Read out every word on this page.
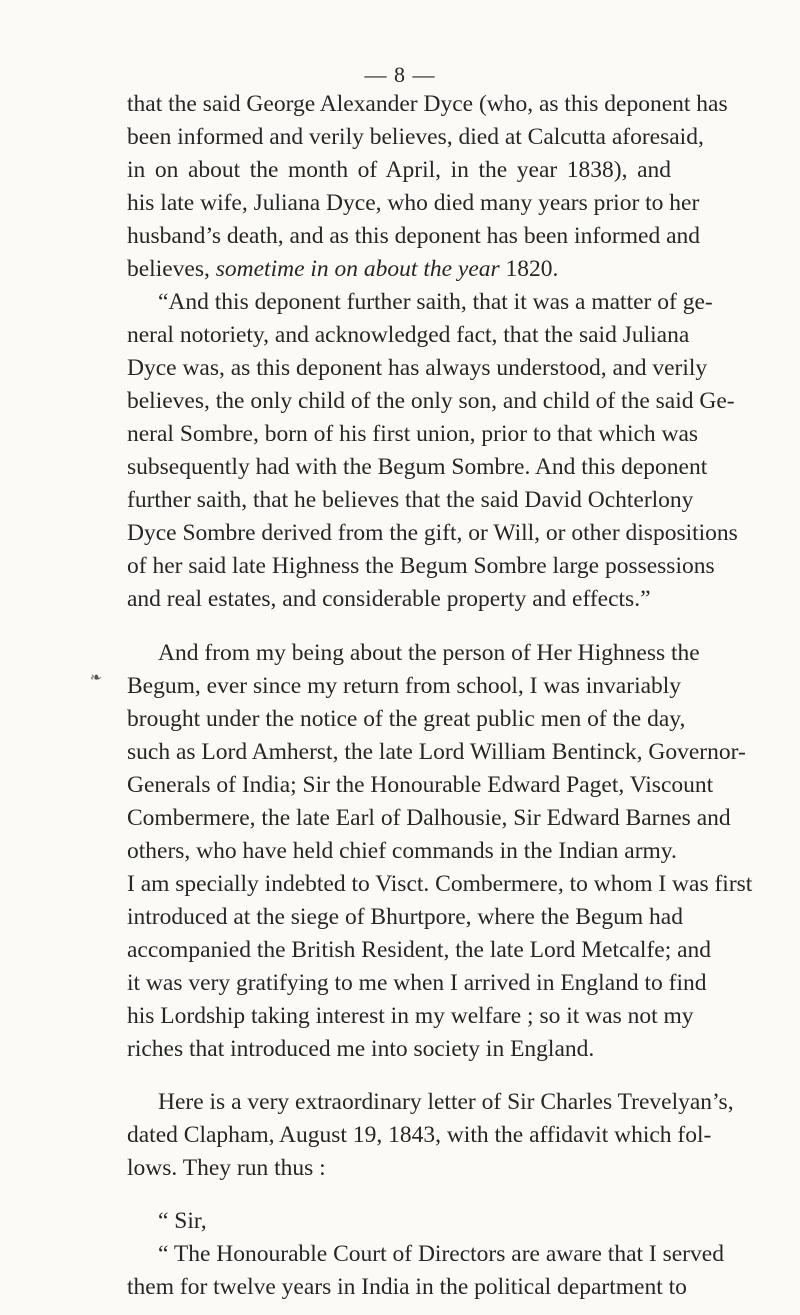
— 8 —
❧
that the said George Alexander Dyce (who, as this deponent has
been informed and verily believes, died at Calcutta aforesaid,
in on about the month of April, in the year 1838), and
his late wife, Juliana Dyce, who died many years prior to her
husband’s death, and as this deponent has been informed and
believes, sometime in on about the year 1820.
“And this deponent further saith, that it was a matter of ge-
neral notoriety, and acknowledged fact, that the said Juliana
Dyce was, as this deponent has always understood, and verily
believes, the only child of the only son, and child of the said Ge-
neral Sombre, born of his first union, prior to that which was
subsequently had with the Begum Sombre. And this deponent
further saith, that he believes that the said David Ochterlony
Dyce Sombre derived from the gift, or Will, or other dispositions
of her said late Highness the Begum Sombre large possessions
and real estates, and considerable property and effects.”
And from my being about the person of Her Highness the
Begum, ever since my return from school, I was invariably
brought under the notice of the great public men of the day,
such as Lord Amherst, the late Lord William Bentinck, Governor-
Generals of India; Sir the Honourable Edward Paget, Viscount
Combermere, the late Earl of Dalhousie, Sir Edward Barnes and
others, who have held chief commands in the Indian army.
I am specially indebted to Visct. Combermere, to whom I was first
introduced at the siege of Bhurtpore, where the Begum had
accompanied the British Resident, the late Lord Metcalfe; and
it was very gratifying to me when I arrived in England to find
his Lordship taking interest in my welfare ; so it was not my
riches that introduced me into society in England.
Here is a very extraordinary letter of Sir Charles Trevelyan’s,
dated Clapham, August 19, 1843, with the affidavit which fol-
lows. They run thus :
“ Sir,
“ The Honourable Court of Directors are aware that I served
them for twelve years in India in the political department to
